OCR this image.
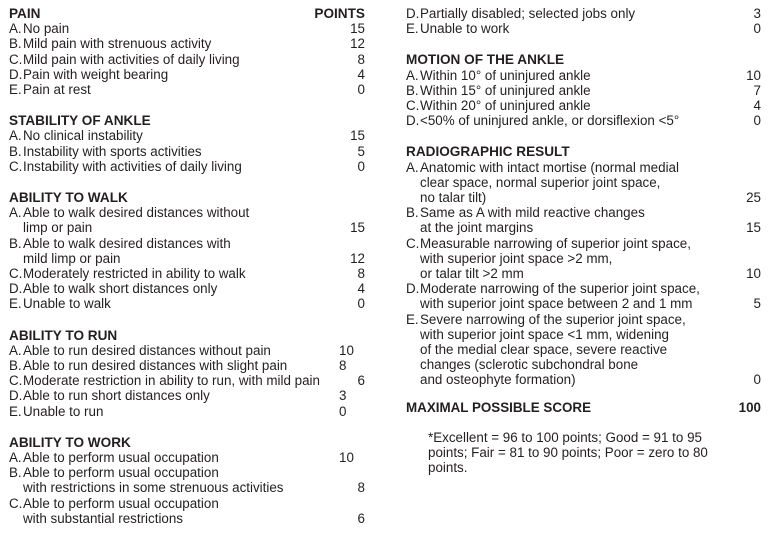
PAIN	POINTS
A. No pain	15
B. Mild pain with strenuous activity	12
C. Mild pain with activities of daily living	8
D. Pain with weight bearing	4
E. Pain at rest	0
STABILITY OF ANKLE
A. No clinical instability	15
B. Instability with sports activities	5
C. Instability with activities of daily living	0
ABILITY TO WALK
A. Able to walk desired distances without
limp or pain	15
B. Able to walk desired distances with
mild limp or pain	12
C. Moderately restricted in ability to walk	8
D. Able to walk short distances only	4
E. Unable to walk	0
ABILITY TO RUN
A. Able to run desired distances without pain	10
B. Able to run desired distances with slight pain	8
C. Moderate restriction in ability to run, with mild pain	6
D. Able to run short distances only	3
E. Unable to run	0
ABILITY TO WORK
A. Able to perform usual occupation	10
B. Able to perform usual occupation
with restrictions in some strenuous activities	8
C. Able to perform usual occupation
with substantial restrictions	6
D. Partially disabled; selected jobs only	3
E. Unable to work	0
MOTION OF THE ANKLE
A. Within 10° of uninjured ankle	10
B. Within 15° of uninjured ankle	7
C. Within 20° of uninjured ankle	4
D. <50% of uninjured ankle, or dorsiflexion <5°	0
RADIOGRAPHIC RESULT
A. Anatomic with intact mortise (normal medial
clear space, normal superior joint space,
no talar tilt)	25
B. Same as A with mild reactive changes
at the joint margins	15
C. Measurable narrowing of superior joint space,
with superior joint space >2 mm,
or talar tilt >2 mm	10
D. Moderate narrowing of the superior joint space,
with superior joint space between 2 and 1 mm	5
E. Severe narrowing of the superior joint space,
with superior joint space <1 mm, widening
of the medial clear space, severe reactive
changes (sclerotic subchondral bone
and osteophyte formation)	0
MAXIMAL POSSIBLE SCORE	100
*Excellent = 96 to 100 points; Good = 91 to 95
points; Fair = 81 to 90 points; Poor = zero to 80
points.
